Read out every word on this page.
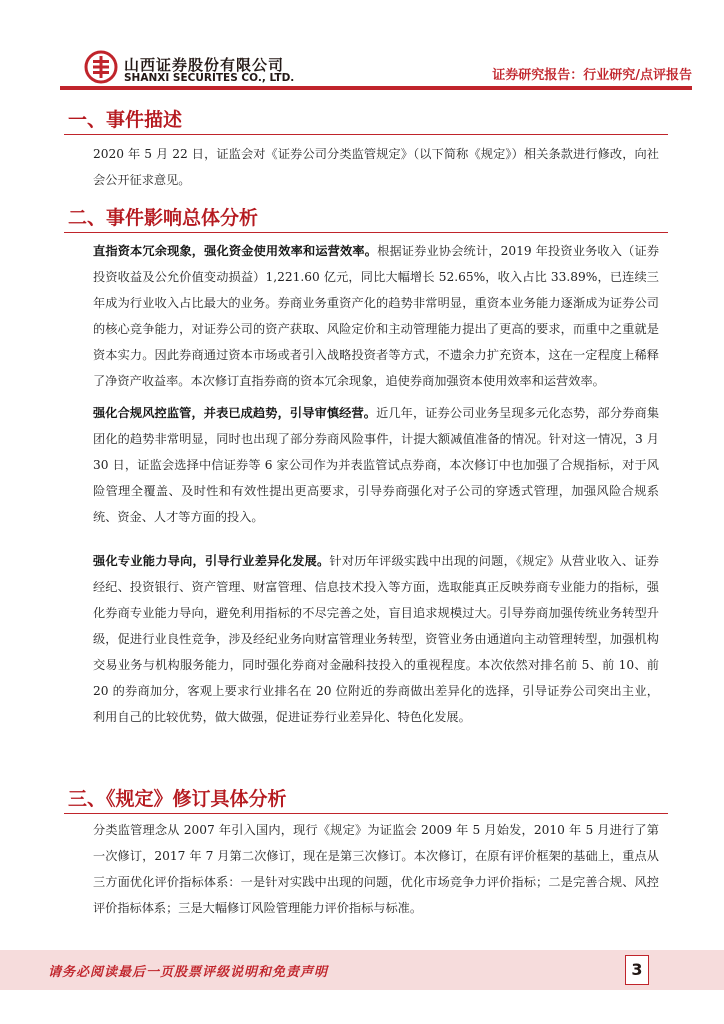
山西证券股份有限公司
SHANXI SECURITES CO., LTD.	证券研究报告：行业研究/点评报告
一、事件描述

2020 年 5 月 22 日，证监会对《证券公司分类监管规定》（以下简称《规定》）相关条款进行修改，向社会公开征求意见。

二、事件影响总体分析

直指资本冗余现象，强化资金使用效率和运营效率。根据证券业协会统计，2019 年投资业务收入（证券投资收益及公允价值变动损益）1,221.60 亿元，同比大幅增长 52.65%，收入占比 33.89%，已连续三年成为行业收入占比最大的业务。券商业务重资产化的趋势非常明显，重资本业务能力逐渐成为证券公司的核心竞争能力，对证券公司的资产获取、风险定价和主动管理能力提出了更高的要求，而重中之重就是资本实力。因此券商通过资本市场或者引入战略投资者等方式，不遗余力扩充资本，这在一定程度上稀释了净资产收益率。本次修订直指券商的资本冗余现象，追使券商加强资本使用效率和运营效率。

强化合规风控监管，并表已成趋势，引导审慎经营。近几年，证券公司业务呈现多元化态势，部分券商集团化的趋势非常明显，同时也出现了部分券商风险事件，计提大额减值准备的情况。针对这一情况，3 月 30 日，证监会选择中信证券等 6 家公司作为并表监管试点券商，本次修订中也加强了合规指标，对于风险管理全覆盖、及时性和有效性提出更高要求，引导券商强化对子公司的穿透式管理，加强风险合规系统、资金、人才等方面的投入。

强化专业能力导向，引导行业差异化发展。针对历年评级实践中出现的问题，《规定》从营业收入、证券经纪、投资银行、资产管理、财富管理、信息技术投入等方面，选取能真正反映券商专业能力的指标，强化券商专业能力导向，避免利用指标的不尽完善之处，盲目追求规模过大。引导券商加强传统业务转型升级，促进行业良性竞争，涉及经纪业务向财富管理业务转型，资管业务由通道向主动管理转型，加强机构交易业务与机构服务能力，同时强化券商对金融科技投入的重视程度。本次依然对排名前 5、前 10、前 20 的券商加分，客观上要求行业排名在 20 位附近的券商做出差异化的选择，引导证券公司突出主业，利用自己的比较优势，做大做强，促进证券行业差异化、特色化发展。

三、《规定》修订具体分析

分类监管理念从 2007 年引入国内，现行《规定》为证监会 2009 年 5 月始发，2010 年 5 月进行了第一次修订，2017 年 7 月第二次修订，现在是第三次修订。本次修订，在原有评价框架的基础上，重点从三方面优化评价指标体系：一是针对实践中出现的问题，优化市场竞争力评价指标；二是完善合规、风控评价指标体系；三是大幅修订风险管理能力评价指标与标准。

请务必阅读最后一页股票评级说明和免责声明	3
